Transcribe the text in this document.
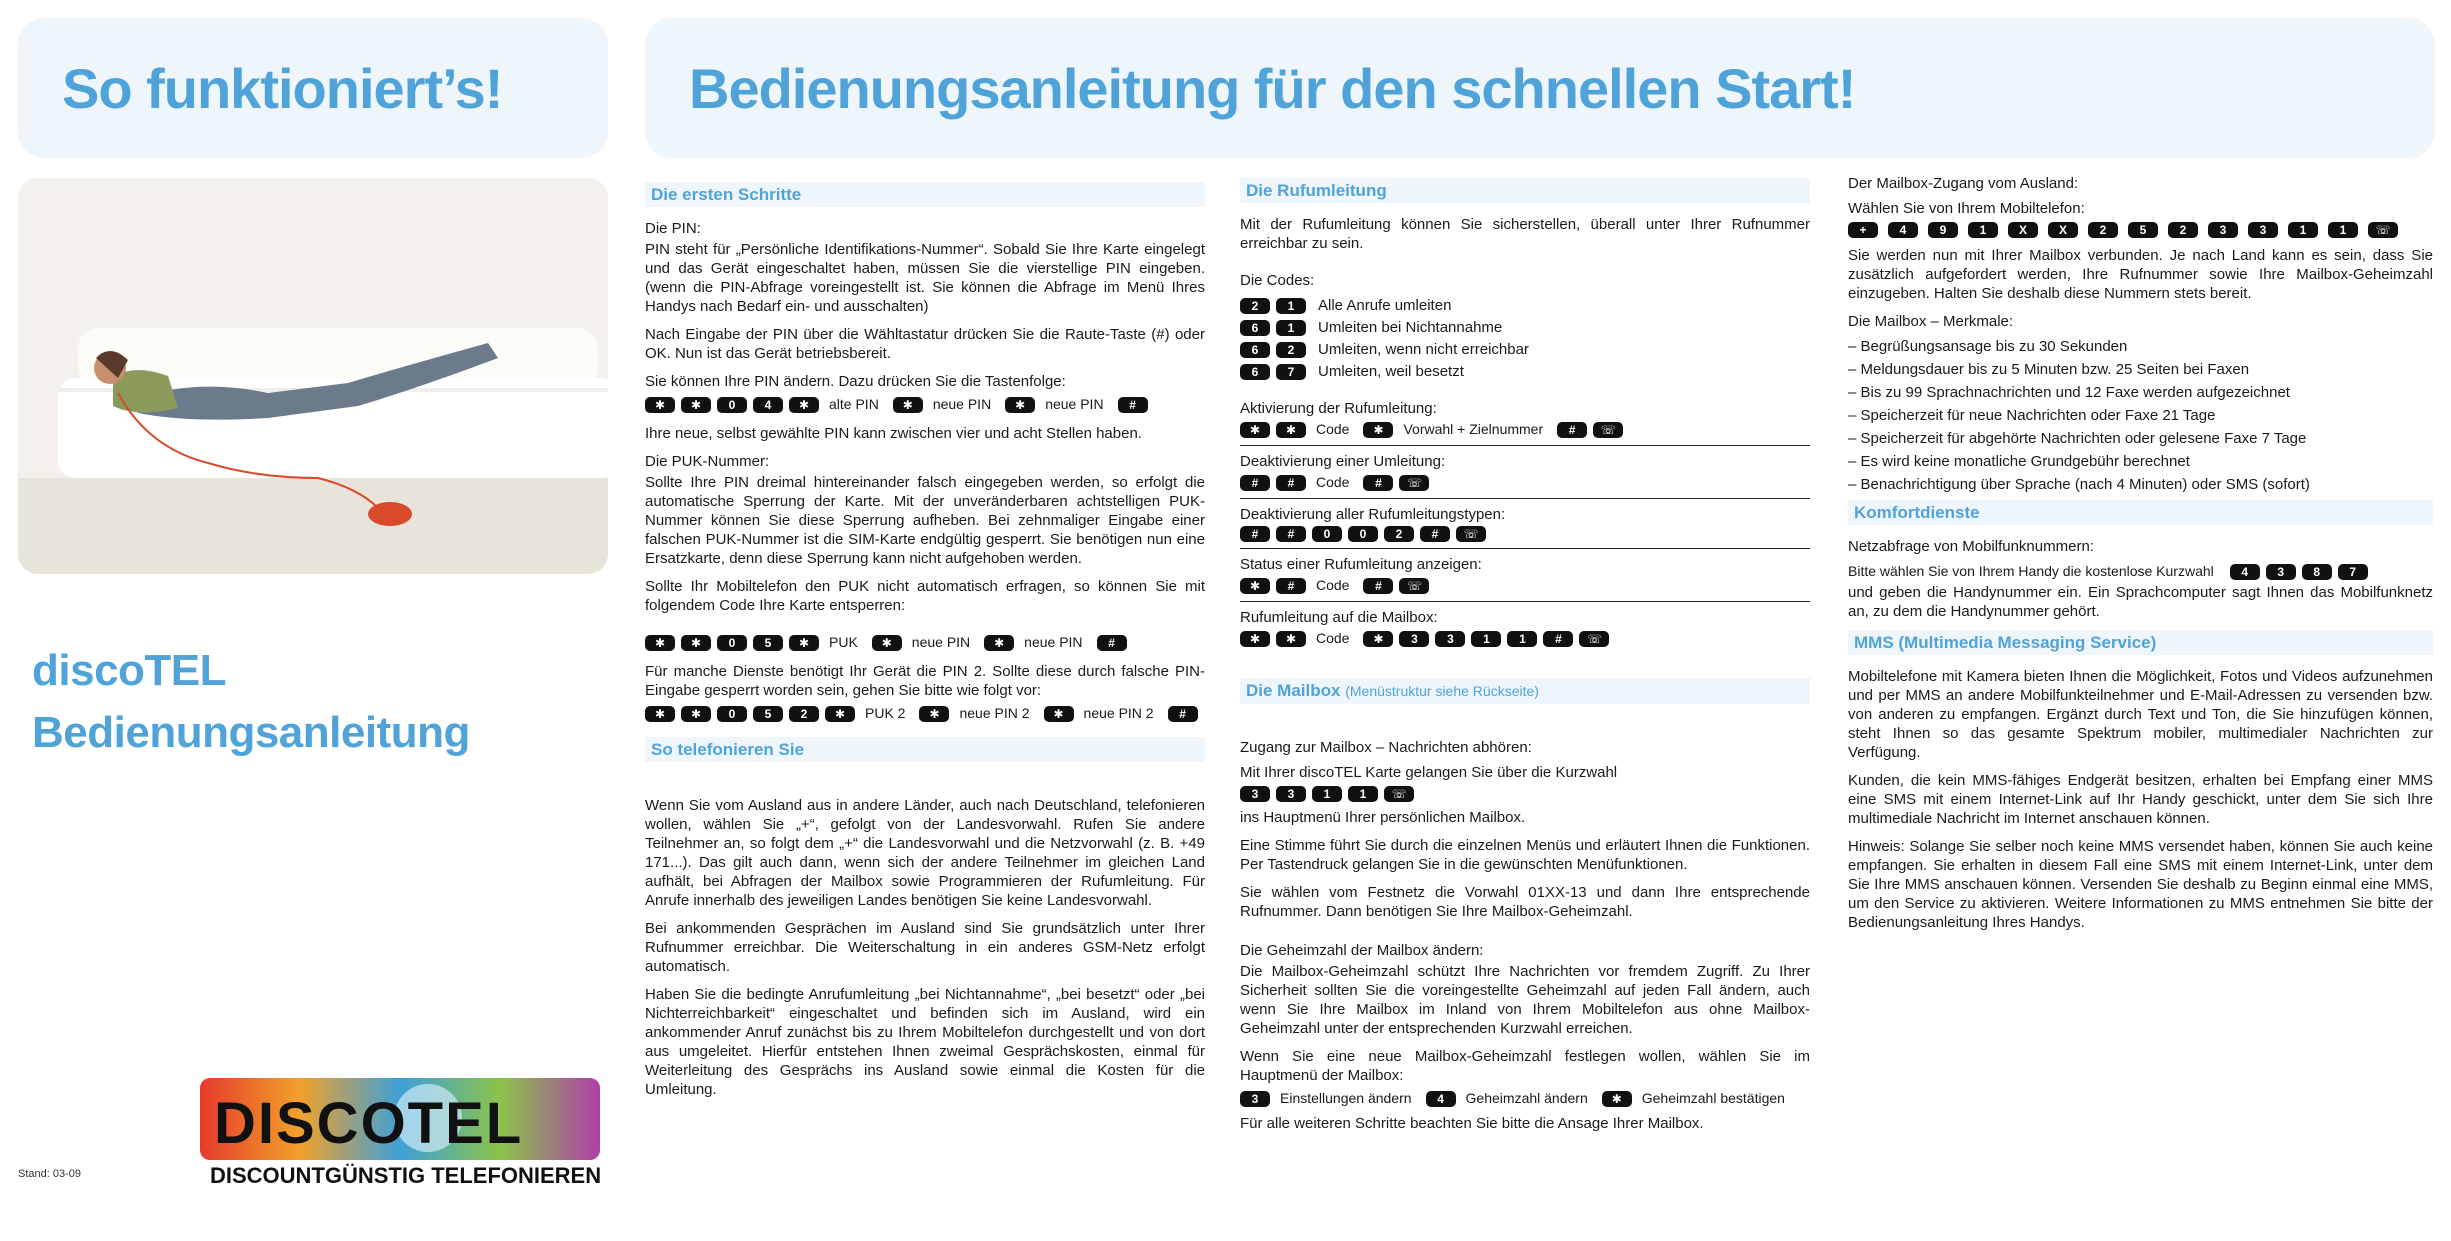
So funktioniert’s!	Bedienungsanleitung für den schnellen Start!
discoTEL
Bedienungsanleitung
DISCOTEL
DISCOUNTGÜNSTIG TELEFONIEREN
Stand: 03-09
Die ersten Schritte

Die PIN:

PIN steht für „Persönliche Identifikations-Nummer“. Sobald Sie Ihre Karte eingelegt und das Gerät eingeschaltet haben, müssen Sie die vierstellige PIN eingeben. (wenn die PIN-Abfrage voreingestellt ist. Sie können die Abfrage im Menü Ihres Handys nach Bedarf ein- und ausschalten)

Nach Eingabe der PIN über die Wähltastatur drücken Sie die Raute-Taste (#) oder OK. Nun ist das Gerät betriebsbereit.

Sie können Ihre PIN ändern. Dazu drücken Sie die Tastenfolge:

✱	✱	0	4	✱	alte PIN	✱	neue PIN	✱	neue PIN	#

Ihre neue, selbst gewählte PIN kann zwischen vier und acht Stellen haben.

Die PUK-Nummer:

Sollte Ihre PIN dreimal hintereinander falsch eingegeben werden, so erfolgt die automatische Sperrung der Karte. Mit der unveränderbaren achtstelligen PUK-Nummer können Sie diese Sperrung aufheben. Bei zehnmaliger Eingabe einer falschen PUK-Nummer ist die SIM-Karte endgültig gesperrt. Sie benötigen nun eine Ersatzkarte, denn diese Sperrung kann nicht aufgehoben werden.

Sollte Ihr Mobiltelefon den PUK nicht automatisch erfragen, so können Sie mit folgendem Code Ihre Karte entsperren:

✱	✱	0	5	✱	PUK	✱	neue PIN	✱	neue PIN	#

Für manche Dienste benötigt Ihr Gerät die PIN 2. Sollte diese durch falsche PIN-Eingabe gesperrt worden sein, gehen Sie bitte wie folgt vor:

✱	✱	0	5	2	✱	PUK 2	✱	neue PIN 2	✱	neue PIN 2	#
So telefonieren Sie

Wenn Sie vom Ausland aus in andere Länder, auch nach Deutschland, telefonieren wollen, wählen Sie „+“, gefolgt von der Landesvorwahl. Rufen Sie andere Teilnehmer an, so folgt dem „+“ die Landesvorwahl und die Netzvorwahl (z. B. +49 171...). Das gilt auch dann, wenn sich der andere Teilnehmer im gleichen Land aufhält, bei Abfragen der Mailbox sowie Programmieren der Rufumleitung. Für Anrufe innerhalb des jeweiligen Landes benötigen Sie keine Landesvorwahl.

Bei ankommenden Gesprächen im Ausland sind Sie grundsätzlich unter Ihrer Rufnummer erreichbar. Die Weiterschaltung in ein anderes GSM-Netz erfolgt automatisch.

Haben Sie die bedingte Anrufumleitung „bei Nichtannahme“, „bei besetzt“ oder „bei Nichterreichbarkeit“ eingeschaltet und befinden sich im Ausland, wird ein ankommender Anruf zunächst bis zu Ihrem Mobiltelefon durchgestellt und von dort aus umgeleitet. Hierfür entstehen Ihnen zweimal Gesprächskosten, einmal für Weiterleitung des Gesprächs ins Ausland sowie einmal die Kosten für die Umleitung.

Die Rufumleitung

Mit der Rufumleitung können Sie sicherstellen, überall unter Ihrer Rufnummer erreichbar zu sein.

Die Codes:

2	1	Alle Anrufe umleiten
6	1	Umleiten bei Nichtannahme
6	2	Umleiten, wenn nicht erreichbar
6	7	Umleiten, weil besetzt

Aktivierung der Rufumleitung:

✱	✱	Code	✱	Vorwahl + Zielnummer	#	☏

Deaktivierung einer Umleitung:

#	#	Code	#	☏

Deaktivierung aller Rufumleitungstypen:

#	#	0	0	2	#	☏

Status einer Rufumleitung anzeigen:

✱	#	Code	#	☏

Rufumleitung auf die Mailbox:

✱	✱	Code	✱	3	3	1	1	#	☏
Die Mailbox (Menüstruktur siehe Rückseite)

Zugang zur Mailbox – Nachrichten abhören:

Mit Ihrer discoTEL Karte gelangen Sie über die Kurzwahl

3	3	1	1	☏

ins Hauptmenü Ihrer persönlichen Mailbox.

Eine Stimme führt Sie durch die einzelnen Menüs und erläutert Ihnen die Funktionen. Per Tastendruck gelangen Sie in die gewünschten Menüfunktionen.

Sie wählen vom Festnetz die Vorwahl 01XX-13 und dann Ihre entsprechende Rufnummer. Dann benötigen Sie Ihre Mailbox-Geheimzahl.

Die Geheimzahl der Mailbox ändern:

Die Mailbox-Geheimzahl schützt Ihre Nachrichten vor fremdem Zugriff. Zu Ihrer Sicherheit sollten Sie die voreingestellte Geheimzahl auf jeden Fall ändern, auch wenn Sie Ihre Mailbox im Inland von Ihrem Mobiltelefon aus ohne Mailbox-Geheimzahl unter der entsprechenden Kurzwahl erreichen.

Wenn Sie eine neue Mailbox-Geheimzahl festlegen wollen, wählen Sie im Hauptmenü der Mailbox:

3	Einstellungen ändern	4	Geheimzahl ändern	✱	Geheimzahl bestätigen

Für alle weiteren Schritte beachten Sie bitte die Ansage Ihrer Mailbox.

Der Mailbox-Zugang vom Ausland:

Wählen Sie von Ihrem Mobiltelefon:

+	4	9	1	X	X	2	5	2	3	3	1	1	☏

Sie werden nun mit Ihrer Mailbox verbunden. Je nach Land kann es sein, dass Sie zusätzlich aufgefordert werden, Ihre Rufnummer sowie Ihre Mailbox-Geheimzahl einzugeben. Halten Sie deshalb diese Nummern stets bereit.

Die Mailbox – Merkmale:

– Begrüßungsansage bis zu 30 Sekunden
– Meldungsdauer bis zu 5 Minuten bzw. 25 Seiten bei Faxen
– Bis zu 99 Sprachnachrichten und 12 Faxe werden aufgezeichnet
– Speicherzeit für neue Nachrichten oder Faxe 21 Tage
– Speicherzeit für abgehörte Nachrichten oder gelesene Faxe 7 Tage
– Es wird keine monatliche Grundgebühr berechnet
– Benachrichtigung über Sprache (nach 4 Minuten) oder SMS (sofort)
Komfortdienste

Netzabfrage von Mobilfunknummern:

Bitte wählen Sie von Ihrem Handy die kostenlose Kurzwahl	4	3	8	7

und geben die Handynummer ein. Ein Sprachcomputer sagt Ihnen das Mobilfunknetz an, zu dem die Handynummer gehört.

MMS (Multimedia Messaging Service)

Mobiltelefone mit Kamera bieten Ihnen die Möglichkeit, Fotos und Videos aufzunehmen und per MMS an andere Mobilfunkteilnehmer und E-Mail-Adressen zu versenden bzw. von anderen zu empfangen. Ergänzt durch Text und Ton, die Sie hinzufügen können, steht Ihnen so das gesamte Spektrum mobiler, multimedialer Nachrichten zur Verfügung.

Kunden, die kein MMS-fähiges Endgerät besitzen, erhalten bei Empfang einer MMS eine SMS mit einem Internet-Link auf Ihr Handy geschickt, unter dem Sie sich Ihre multimediale Nachricht im Internet anschauen können.

Hinweis: Solange Sie selber noch keine MMS versendet haben, können Sie auch keine empfangen. Sie erhalten in diesem Fall eine SMS mit einem Internet-Link, unter dem Sie Ihre MMS anschauen können. Versenden Sie deshalb zu Beginn einmal eine MMS, um den Service zu aktivieren. Weitere Informationen zu MMS entnehmen Sie bitte der Bedienungsanleitung Ihres Handys.
